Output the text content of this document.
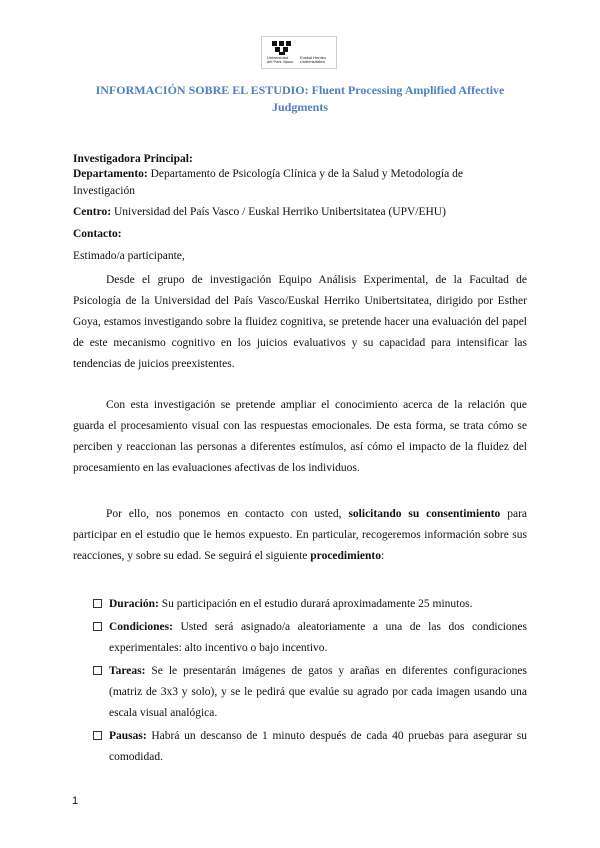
Universidad
del País Vasco
Euskal Herriko
Unibertsitatea
INFORMACIÓN SOBRE EL ESTUDIO: Fluent Processing Amplified Affective Judgments
Investigadora Principal:
Departamento: Departamento de Psicología Clínica y de la Salud y Metodología de Investigación
Centro: Universidad del País Vasco / Euskal Herriko Unibertsitatea (UPV/EHU)
Contacto:
Estimado/a participante,
Desde el grupo de investigación Equipo Análisis Experimental, de la Facultad de Psicología de la Universidad del País Vasco/Euskal Herriko Unibertsitatea, dirigido por Esther Goya, estamos investigando sobre la fluidez cognitiva, se pretende hacer una evaluación del papel de este mecanismo cognitivo en los juicios evaluativos y su capacidad para intensificar las tendencias de juicios preexistentes.
Con esta investigación se pretende ampliar el conocimiento acerca de la relación que guarda el procesamiento visual con las respuestas emocionales. De esta forma, se trata cómo se perciben y reaccionan las personas a diferentes estímulos, así cómo el impacto de la fluidez del procesamiento en las evaluaciones afectivas de los individuos.
Por ello, nos ponemos en contacto con usted, solicitando su consentimiento para participar en el estudio que le hemos expuesto. En particular, recogeremos información sobre sus reacciones, y sobre su edad. Se seguirá el siguiente procedimiento:
Duración: Su participación en el estudio durará aproximadamente 25 minutos.
Condiciones: Usted será asignado/a aleatoriamente a una de las dos condiciones experimentales: alto incentivo o bajo incentivo.
Tareas: Se le presentarán imágenes de gatos y arañas en diferentes configuraciones (matriz de 3x3 y solo), y se le pedirá que evalúe su agrado por cada imagen usando una escala visual analógica.
Pausas: Habrá un descanso de 1 minuto después de cada 40 pruebas para asegurar su comodidad.
1
